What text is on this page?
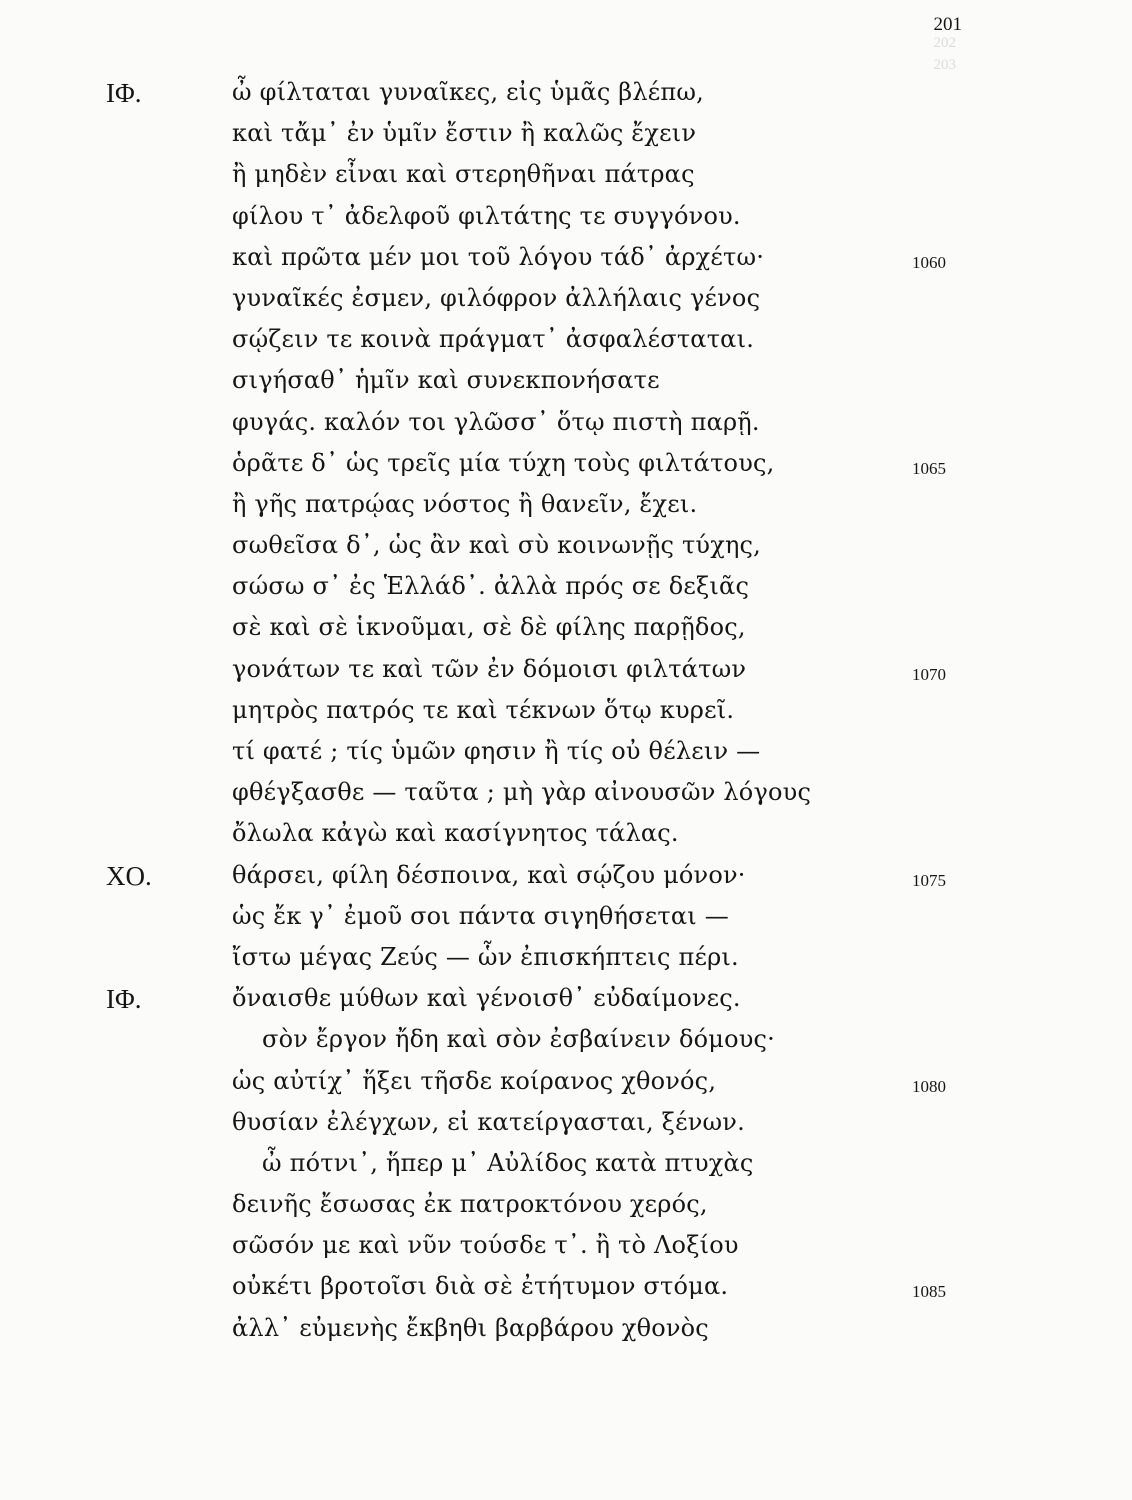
201
202
203
ΙΦ.	ὦ φίλταται γυναῖκες, εἰς ὑμᾶς βλέπω,
καὶ τἄμ᾽ ἐν ὑμῖν ἔστιν ἢ καλῶς ἔχειν
ἢ μηδὲν εἶναι καὶ στερηθῆναι πάτρας
φίλου τ᾽ ἀδελφοῦ φιλτάτης τε συγγόνου.
καὶ πρῶτα μέν μοι τοῦ λόγου τάδ᾽ ἀρχέτω·	1060
γυναῖκές ἐσμεν, φιλόφρον ἀλλήλαις γένος
σῴζειν τε κοινὰ πράγματ᾽ ἀσφαλέσταται.
σιγήσαθ᾽ ἡμῖν καὶ συνεκπονήσατε
φυγάς. καλόν τοι γλῶσσ᾽ ὅτῳ πιστὴ παρῇ.
ὁρᾶτε δ᾽ ὡς τρεῖς μία τύχη τοὺς φιλτάτους,	1065
ἢ γῆς πατρῴας νόστος ἢ θανεῖν, ἔχει.
σωθεῖσα δ᾽, ὡς ἂν καὶ σὺ κοινωνῇς τύχης,
σώσω σ᾽ ἐς Ἑλλάδ᾽. ἀλλὰ πρός σε δεξιᾶς
σὲ καὶ σὲ ἱκνοῦμαι, σὲ δὲ φίλης παρῇδος,
γονάτων τε καὶ τῶν ἐν δόμοισι φιλτάτων	1070
μητρὸς πατρός τε καὶ τέκνων ὅτῳ κυρεῖ.
τί φατέ ; τίς ὑμῶν φησιν ἢ τίς οὐ θέλειν —
φθέγξασθε — ταῦτα ; μὴ γὰρ αἰνουσῶν λόγους
ὄλωλα κἀγὼ καὶ κασίγνητος τάλας.
ΧΟ.	θάρσει, φίλη δέσποινα, καὶ σῴζου μόνον·	1075
ὡς ἔκ γ᾽ ἐμοῦ σοι πάντα σιγηθήσεται —
ἴστω μέγας Ζεύς — ὧν ἐπισκήπτεις πέρι.
ΙΦ.	ὄναισθε μύθων καὶ γένοισθ᾽ εὐδαίμονες.
σὸν ἔργον ἤδη καὶ σὸν ἐσβαίνειν δόμους·
ὡς αὐτίχ᾽ ἥξει τῆσδε κοίρανος χθονός,	1080
θυσίαν ἐλέγχων, εἰ κατείργασται, ξένων.
ὦ πότνι᾽, ἥπερ μ᾽ Αὐλίδος κατὰ πτυχὰς
δεινῆς ἔσωσας ἐκ πατροκτόνου χερός,
σῶσόν με καὶ νῦν τούσδε τ᾽. ἢ τὸ Λοξίου
οὐκέτι βροτοῖσι διὰ σὲ ἐτήτυμον στόμα.	1085
ἀλλ᾽ εὐμενὴς ἔκβηθι βαρβάρου χθονὸς
